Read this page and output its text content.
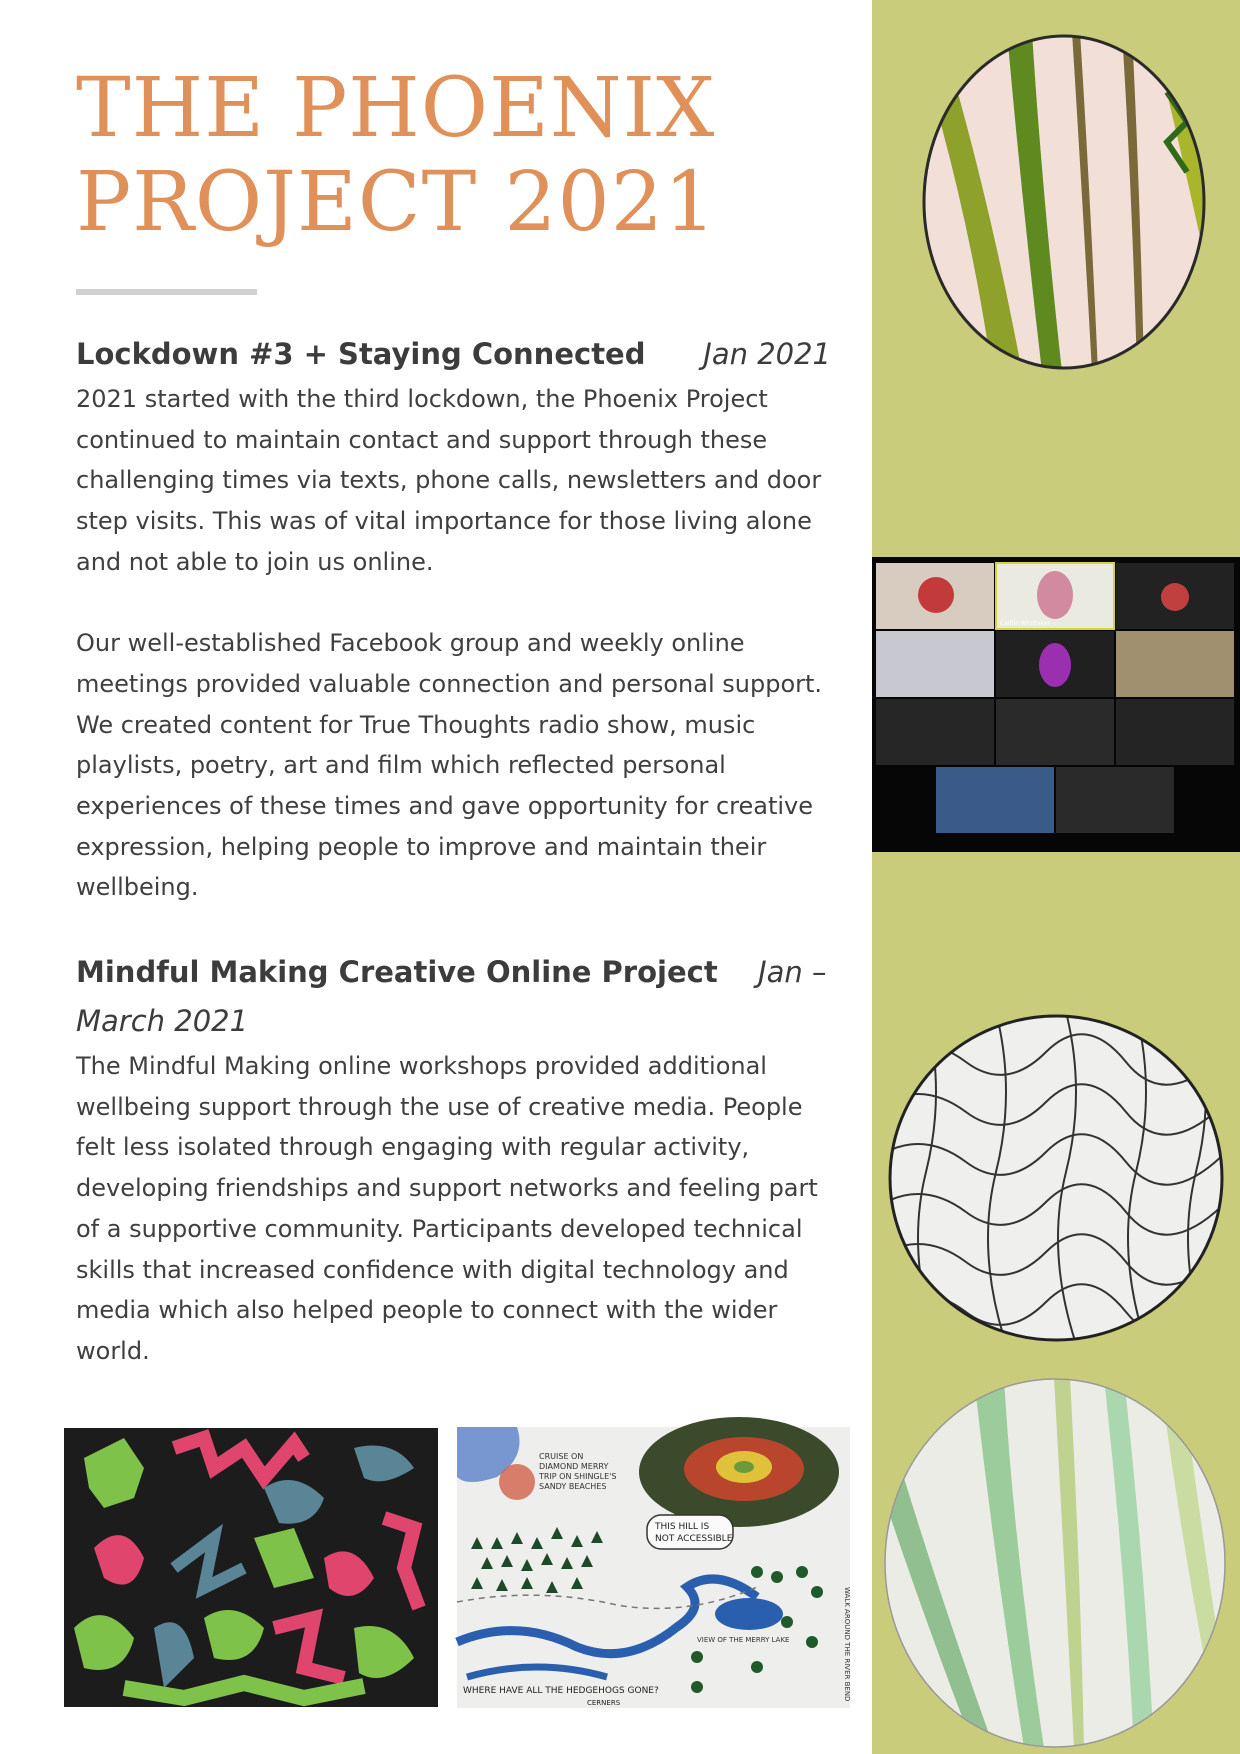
THE PHOENIX
PROJECT 2021
Lockdown #3 + Staying Connected Jan 2021

2021 started with the third lockdown, the Phoenix Project
continued to maintain contact and support through these
challenging times via texts, phone calls, newsletters and door
step visits. This was of vital importance for those living alone
and not able to join us online.

Our well-established Facebook group and weekly online
meetings provided valuable connection and personal support.
We created content for True Thoughts radio show, music
playlists, poetry, art and film which reflected personal
experiences of these times and gave opportunity for creative
expression, helping people to improve and maintain their
wellbeing.

Mindful Making Creative Online Project Jan – March 2021

The Mindful Making online workshops provided additional
wellbeing support through the use of creative media. People
felt less isolated through engaging with regular activity,
developing friendships and support networks and feeling part
of a supportive community. Participants developed technical
skills that increased confidence with digital technology and
media which also helped people to connect with the wider
world.

THIS HILL IS
NOT ACCESSIBLE
CRUISE ON
DIAMOND MERRY
TRIP ON SHINGLE'S
SANDY BEACHES
VIEW OF THE MERRY LAKE	WALK AROUND THE RIVER BEND
WHERE HAVE ALL THE HEDGEHOGS GONE?
CERNERS
Caitlin Whittaker
